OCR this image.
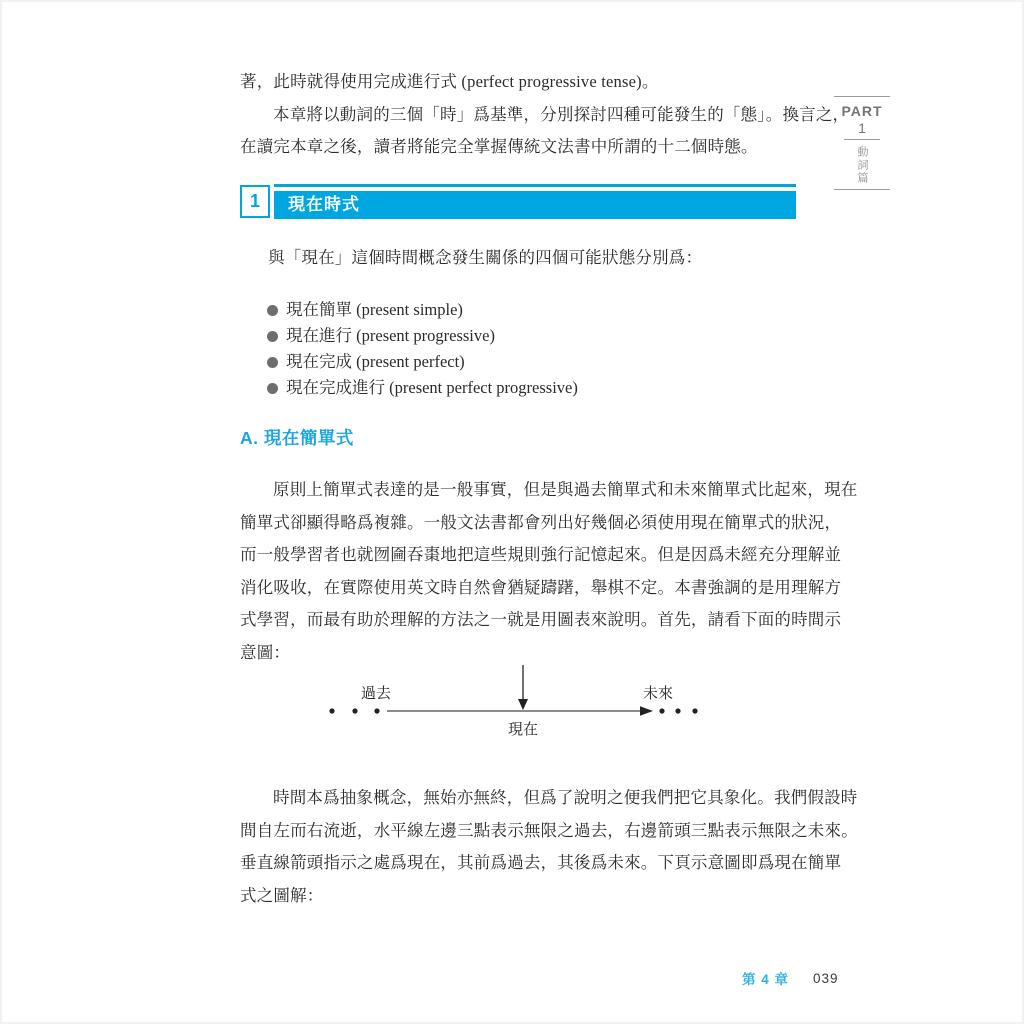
著，此時就得使用完成進行式 (perfect progressive tense)。
本章將以動詞的三個「時」爲基準，分別探討四種可能發生的「態」。換言之，
在讀完本章之後，讀者將能完全掌握傳統文法書中所謂的十二個時態。
PART
1
動詞篇
現在時式
1
與「現在」這個時間概念發生關係的四個可能狀態分別爲：
現在簡單 (present simple)
現在進行 (present progressive)
現在完成 (present perfect)
現在完成進行 (present perfect progressive)
A. 現在簡單式
原則上簡單式表達的是一般事實，但是與過去簡單式和未來簡單式比起來，現在
簡單式卻顯得略爲複雜。一般文法書都會列出好幾個必須使用現在簡單式的狀況，
而一般學習者也就囫圇吞棗地把這些規則強行記憶起來。但是因爲未經充分理解並
消化吸收，在實際使用英文時自然會猶疑躊躇，舉棋不定。本書強調的是用理解方
式學習，而最有助於理解的方法之一就是用圖表來說明。首先，請看下面的時間示
意圖：
過去	未來
現在
時間本爲抽象概念，無始亦無終，但爲了說明之便我們把它具象化。我們假設時
間自左而右流逝，水平線左邊三點表示無限之過去，右邊箭頭三點表示無限之未來。
垂直線箭頭指示之處爲現在，其前爲過去，其後爲未來。下頁示意圖即爲現在簡單
式之圖解：
第 4 章 039
